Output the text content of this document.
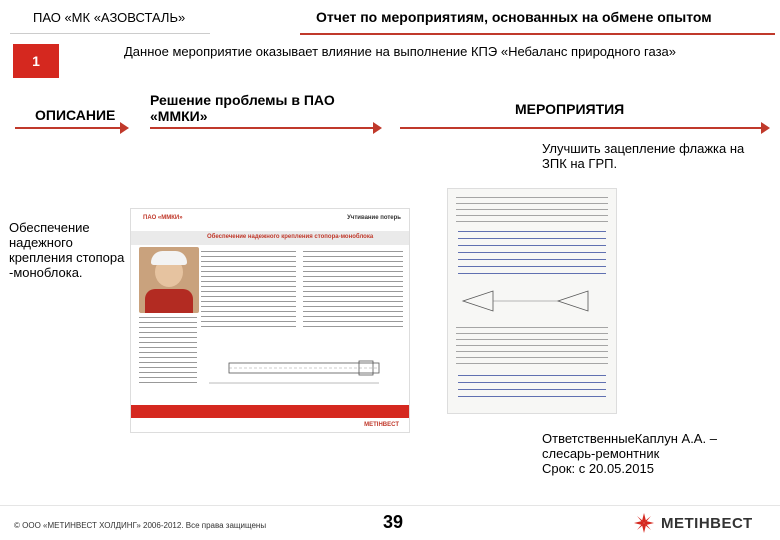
ПАО «МК «АЗОВСТАЛЬ»	Отчет по мероприятиям, основанных на обмене опытом
1
Данное мероприятие оказывает влияние на выполнение КПЭ «Небаланс природного газа»
ОПИСАНИЕ
Решение проблемы в ПАО «ММКИ»	МЕРОПРИЯТИЯ
Улучшить зацепление флажка на ЗПК на ГРП.
ПАО «ММКИ»	Учтивание потерь
Обеспечение надежного крепления стопора-моноблока
МЕТІНВЕСТ
Обеспечение надежного крепления стопора -моноблока.
ОтветственныеКаплун А.А. – слесарь-ремонтник
Срок: с 20.05.2015
© ООО «МЕТИНВЕСТ ХОЛДИНГ» 2006-2012. Все права защищены	39	МЕТІНВЕСТ
